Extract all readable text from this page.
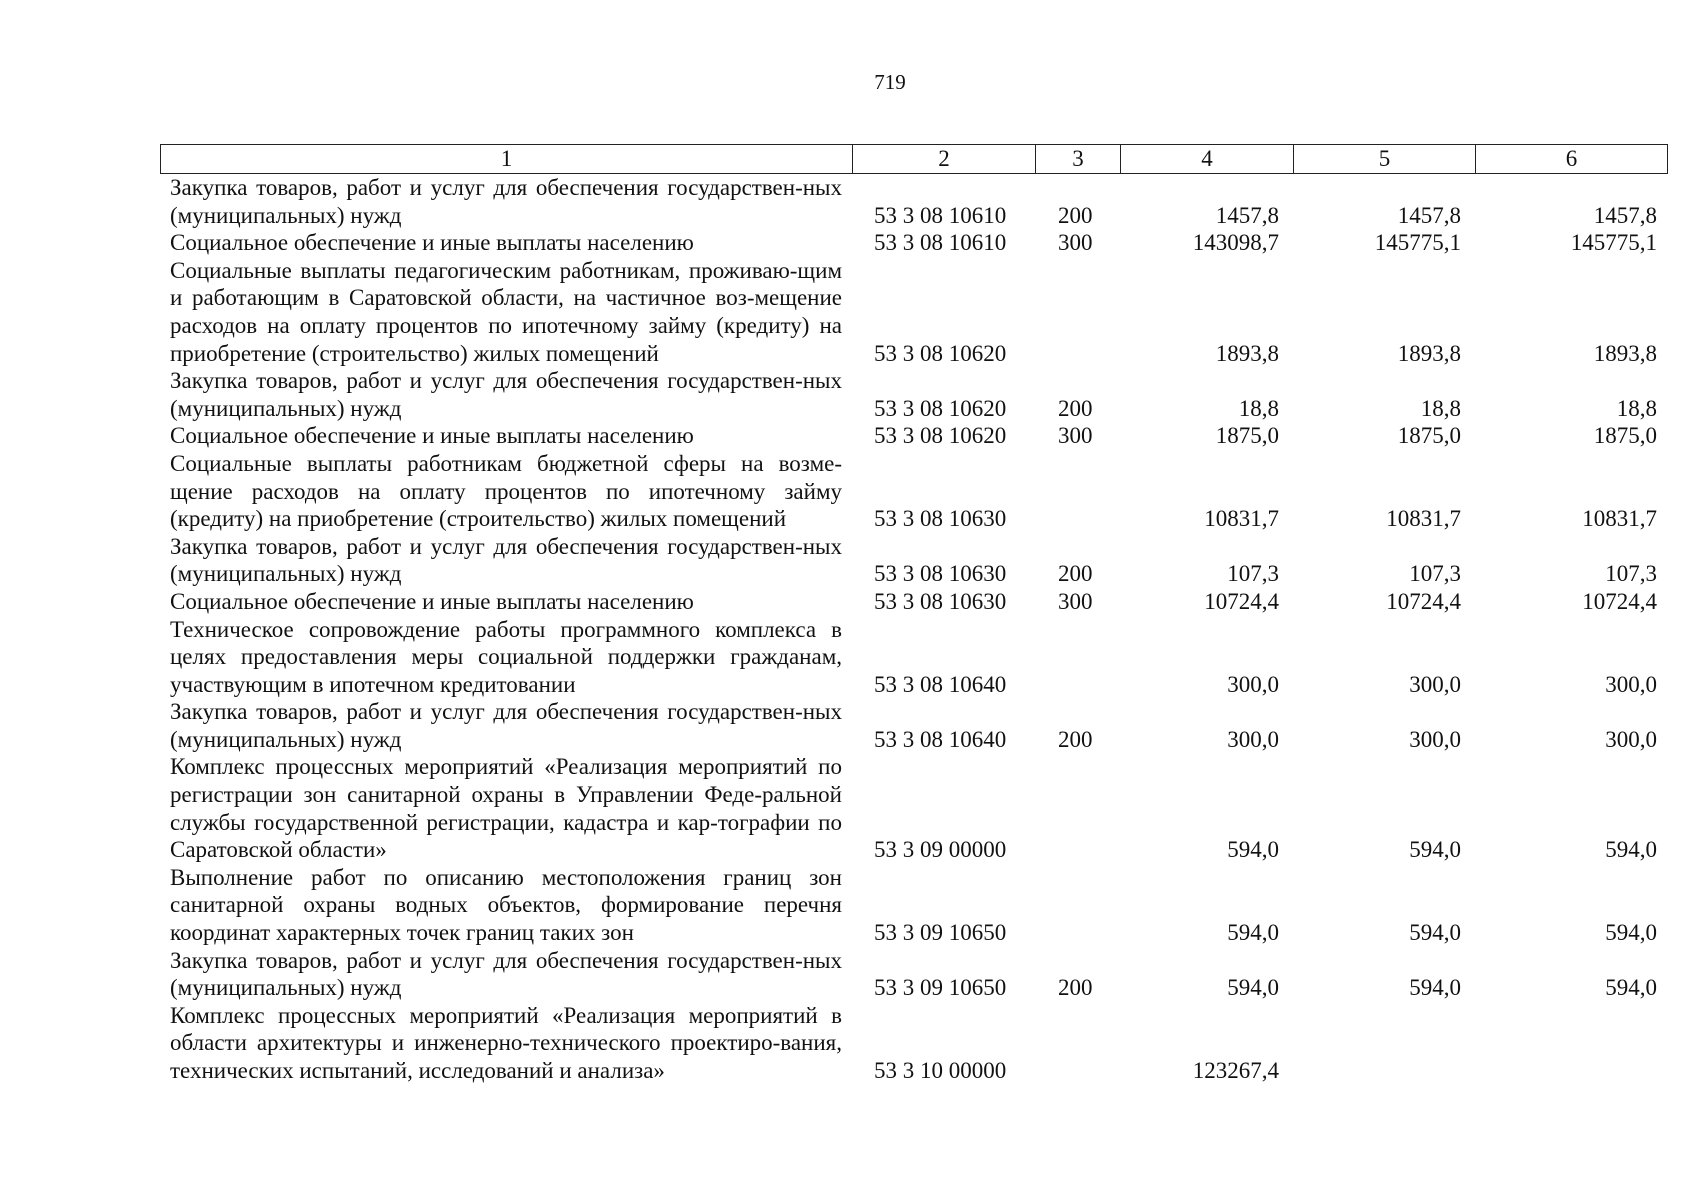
719
1	2	3	4	5	6
Закупка товаров, работ и услуг для обеспечения государствен-ных (муниципальных) нужд	53 3 08 10610	200	1457,8	1457,8	1457,8
Социальное обеспечение и иные выплаты населению	53 3 08 10610	300	143098,7	145775,1	145775,1
Социальные выплаты педагогическим работникам, проживаю-щим и работающим в Саратовской области, на частичное воз-мещение расходов на оплату процентов по ипотечному займу (кредиту) на приобретение (строительство) жилых помещений	53 3 08 10620		1893,8	1893,8	1893,8
Закупка товаров, работ и услуг для обеспечения государствен-ных (муниципальных) нужд	53 3 08 10620	200	18,8	18,8	18,8
Социальное обеспечение и иные выплаты населению	53 3 08 10620	300	1875,0	1875,0	1875,0
Социальные выплаты работникам бюджетной сферы на возме-щение расходов на оплату процентов по ипотечному займу (кредиту) на приобретение (строительство) жилых помещений	53 3 08 10630		10831,7	10831,7	10831,7
Закупка товаров, работ и услуг для обеспечения государствен-ных (муниципальных) нужд	53 3 08 10630	200	107,3	107,3	107,3
Социальное обеспечение и иные выплаты населению	53 3 08 10630	300	10724,4	10724,4	10724,4
Техническое сопровождение работы программного комплекса в целях предоставления меры социальной поддержки гражданам, участвующим в ипотечном кредитовании	53 3 08 10640		300,0	300,0	300,0
Закупка товаров, работ и услуг для обеспечения государствен-ных (муниципальных) нужд	53 3 08 10640	200	300,0	300,0	300,0
Комплекс процессных мероприятий «Реализация мероприятий по регистрации зон санитарной охраны в Управлении Феде-ральной службы государственной регистрации, кадастра и кар-тографии по Саратовской области»	53 3 09 00000		594,0	594,0	594,0
Выполнение работ по описанию местоположения границ зон санитарной охраны водных объектов, формирование перечня координат характерных точек границ таких зон	53 3 09 10650		594,0	594,0	594,0
Закупка товаров, работ и услуг для обеспечения государствен-ных (муниципальных) нужд	53 3 09 10650	200	594,0	594,0	594,0
Комплекс процессных мероприятий «Реализация мероприятий в области архитектуры и инженерно-технического проектиро-вания, технических испытаний, исследований и анализа»	53 3 10 00000		123267,4		
